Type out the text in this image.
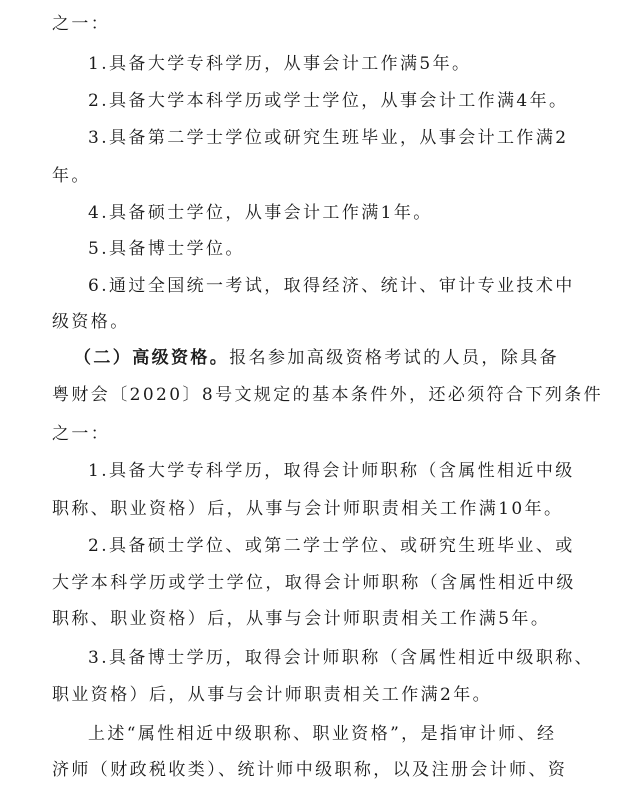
之一：
1.具备大学专科学历，从事会计工作满5年。
2.具备大学本科学历或学士学位，从事会计工作满4年。
3.具备第二学士学位或研究生班毕业，从事会计工作满2
年。
4.具备硕士学位，从事会计工作满1年。
5.具备博士学位。
6.通过全国统一考试，取得经济、统计、审计专业技术中
级资格。
（二）高级资格。报名参加高级资格考试的人员，除具备
粤财会〔2020〕8号文规定的基本条件外，还必须符合下列条件
之一：
1.具备大学专科学历，取得会计师职称（含属性相近中级
职称、职业资格）后，从事与会计师职责相关工作满10年。
2.具备硕士学位、或第二学士学位、或研究生班毕业、或
大学本科学历或学士学位，取得会计师职称（含属性相近中级
职称、职业资格）后，从事与会计师职责相关工作满5年。
3.具备博士学历，取得会计师职称（含属性相近中级职称、
职业资格）后，从事与会计师职责相关工作满2年。
上述“属性相近中级职称、职业资格”，是指审计师、经
济师（财政税收类）、统计师中级职称，以及注册会计师、资
